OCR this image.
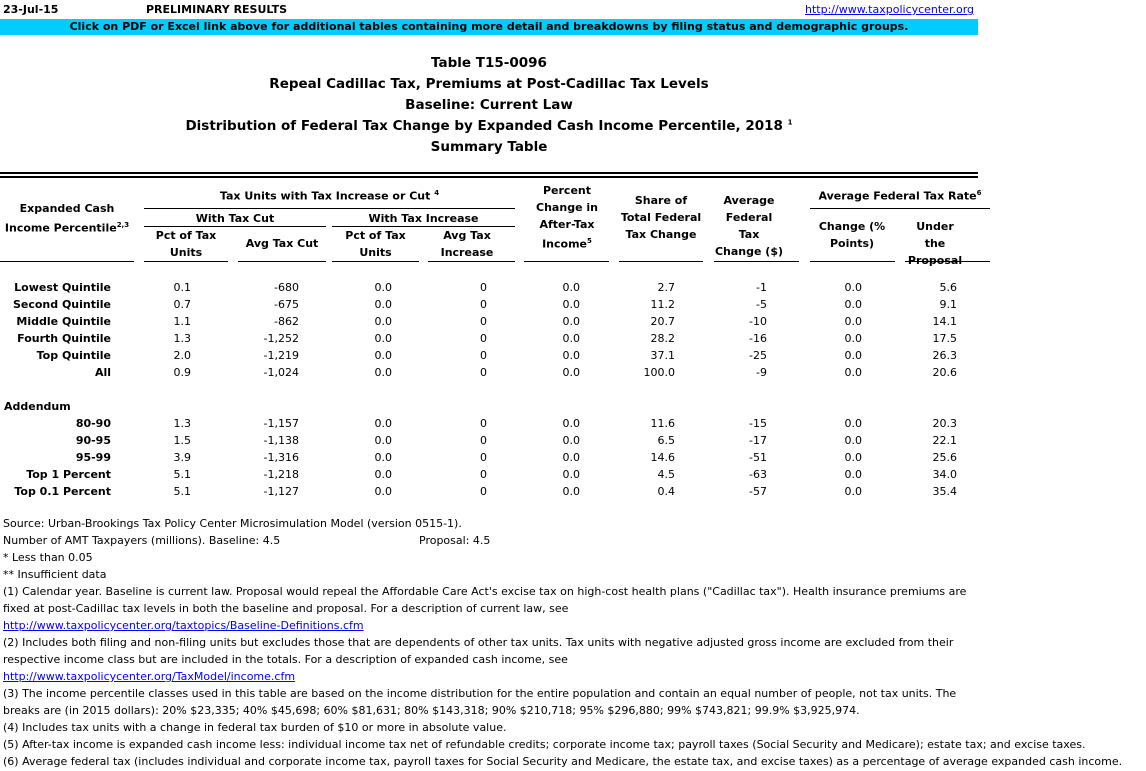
23-Jul-15	PRELIMINARY RESULTS	http://www.taxpolicycenter.org
Click on PDF or Excel link above for additional tables containing more detail and breakdowns by filing status and demographic groups.
Table T15-0096
Repeal Cadillac Tax, Premiums at Post-Cadillac Tax Levels
Baseline: Current Law
Distribution of Federal Tax Change by Expanded Cash Income Percentile, 2018 $^1$
Summary Table
Expanded Cash Income Percentile$^{2,3}$
Tax Units with Tax Increase or Cut $^4$
With Tax Cut	With Tax Increase
Pct of Tax Units
Avg Tax Cut
Pct of Tax Units
Avg Tax Increase
Percent Change in After-Tax Income$^5$
Share of Total Federal Tax Change
Average Federal Tax Change ($)
Average Federal Tax Rate$^6$
Change (% Points)
Under the Proposal
Lowest Quintile	0.1	-680	0.0	0	0.0	2.7	-1	0.0	5.6
Second Quintile	0.7	-675	0.0	0	0.0	11.2	-5	0.0	9.1
Middle Quintile	1.1	-862	0.0	0	0.0	20.7	-10	0.0	14.1
Fourth Quintile	1.3	-1,252	0.0	0	0.0	28.2	-16	0.0	17.5
Top Quintile	2.0	-1,219	0.0	0	0.0	37.1	-25	0.0	26.3
All	0.9	-1,024	0.0	0	0.0	100.0	-9	0.0	20.6
Addendum
80-90	1.3	-1,157	0.0	0	0.0	11.6	-15	0.0	20.3
90-95	1.5	-1,138	0.0	0	0.0	6.5	-17	0.0	22.1
95-99	3.9	-1,316	0.0	0	0.0	14.6	-51	0.0	25.6
Top 1 Percent	5.1	-1,218	0.0	0	0.0	4.5	-63	0.0	34.0
Top 0.1 Percent	5.1	-1,127	0.0	0	0.0	0.4	-57	0.0	35.4
Source: Urban-Brookings Tax Policy Center Microsimulation Model (version 0515-1).
Number of AMT Taxpayers (millions). Baseline: 4.5	Proposal: 4.5
* Less than 0.05
** Insufficient data
(1) Calendar year. Baseline is current law. Proposal would repeal the Affordable Care Act's excise tax on high-cost health plans ("Cadillac tax"). Health insurance premiums are
fixed at post-Cadillac tax levels in both the baseline and proposal. For a description of current law, see
http://www.taxpolicycenter.org/taxtopics/Baseline-Definitions.cfm
(2) Includes both filing and non-filing units but excludes those that are dependents of other tax units. Tax units with negative adjusted gross income are excluded from their
respective income class but are included in the totals. For a description of expanded cash income, see
http://www.taxpolicycenter.org/TaxModel/income.cfm
(3) The income percentile classes used in this table are based on the income distribution for the entire population and contain an equal number of people, not tax units. The
breaks are (in 2015 dollars): 20% $23,335; 40% $45,698; 60% $81,631; 80% $143,318; 90% $210,718; 95% $296,880; 99% $743,821; 99.9% $3,925,974.
(4) Includes tax units with a change in federal tax burden of $10 or more in absolute value.
(5) After-tax income is expanded cash income less: individual income tax net of refundable credits; corporate income tax; payroll taxes (Social Security and Medicare); estate tax; and excise taxes.
(6) Average federal tax (includes individual and corporate income tax, payroll taxes for Social Security and Medicare, the estate tax, and excise taxes) as a percentage of average expanded cash income.
